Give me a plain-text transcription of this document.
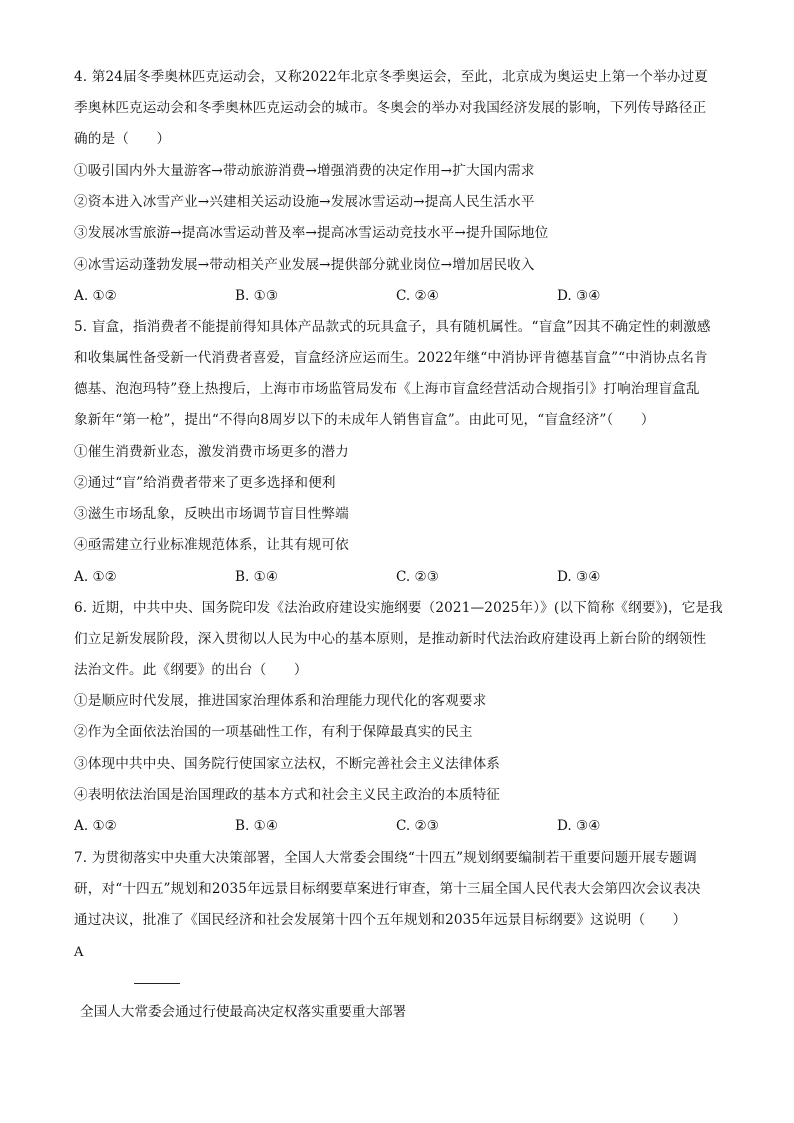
4. 第24届冬季奥林匹克运动会，又称2022年北京冬季奥运会，至此，北京成为奥运史上第一个举办过夏
季奥林匹克运动会和冬季奥林匹克运动会的城市。冬奥会的举办对我国经济发展的影响，下列传导路径正
确的是（　　）
①吸引国内外大量游客→带动旅游消费→增强消费的决定作用→扩大国内需求
②资本进入冰雪产业→兴建相关运动设施→发展冰雪运动→提高人民生活水平
③发展冰雪旅游→提高冰雪运动普及率→提高冰雪运动竞技水平→提升国际地位
④冰雪运动蓬勃发展→带动相关产业发展→提供部分就业岗位→增加居民收入
A. ①②	B. ①③	C. ②④	D. ③④
5. 盲盒，指消费者不能提前得知具体产品款式的玩具盒子，具有随机属性。“盲盒”因其不确定性的刺激感
和收集属性备受新一代消费者喜爱，盲盒经济应运而生。2022年继“中消协评肯德基盲盒”“中消协点名肯
德基、泡泡玛特”登上热搜后，上海市市场监管局发布《上海市盲盒经营活动合规指引》打响治理盲盒乱
象新年“第一枪”，提出“不得向8周岁以下的未成年人销售盲盒”。由此可见，“盲盒经济”（　　）
①催生消费新业态，激发消费市场更多的潜力
②通过“盲”给消费者带来了更多选择和便利
③滋生市场乱象，反映出市场调节盲目性弊端
④亟需建立行业标准规范体系，让其有规可依
A. ①②	B. ①④	C. ②③	D. ③④
6. 近期，中共中央、国务院印发《法治政府建设实施纲要（2021—2025年）》(以下简称《纲要》)，它是我
们立足新发展阶段，深入贯彻以人民为中心的基本原则，是推动新时代法治政府建设再上新台阶的纲领性
法治文件。此《纲要》的出台（　　）
①是顺应时代发展，推进国家治理体系和治理能力现代化的客观要求
②作为全面依法治国的一项基础性工作，有利于保障最真实的民主
③体现中共中央、国务院行使国家立法权，不断完善社会主义法律体系
④表明依法治国是治国理政的基本方式和社会主义民主政治的本质特征
A. ①②	B. ①④	C. ②③	D. ③④
7. 为贯彻落实中央重大决策部署，全国人大常委会围绕“十四五”规划纲要编制若干重要问题开展专题调
研，对“十四五”规划和2035年远景目标纲要草案进行审查，第十三届全国人民代表大会第四次会议表决
通过决议，批准了《国民经济和社会发展第十四个五年规划和2035年远景目标纲要》这说明（　　）
A
全国人大常委会通过行使最高决定权落实重要重大部署
